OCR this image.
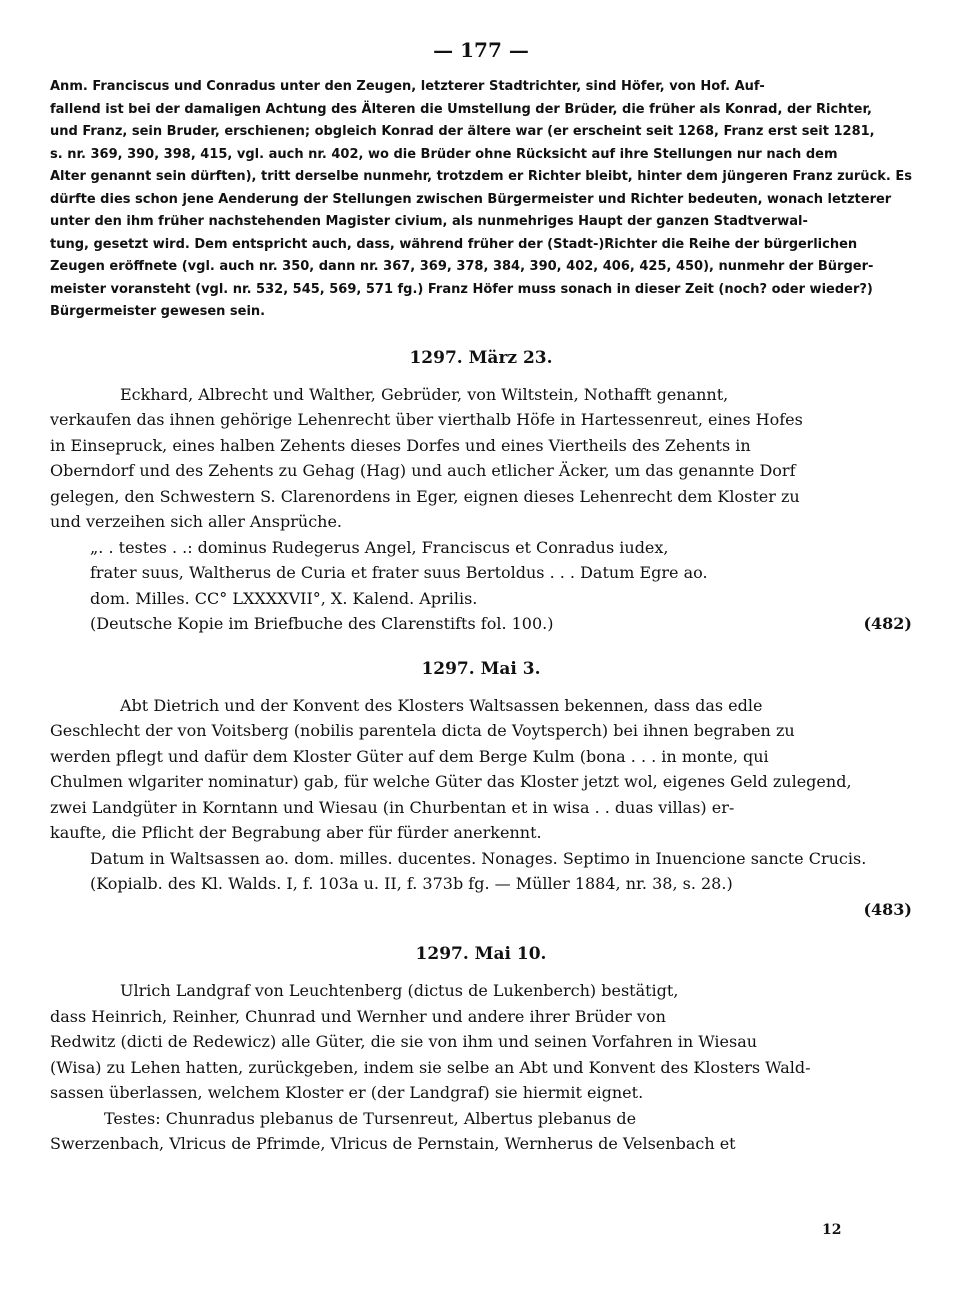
— 177 —
Anm. Franciscus und Conradus unter den Zeugen, letzterer Stadtrichter, sind Höfer, von Hof. Auf-
fallend ist bei der damaligen Achtung des Älteren die Umstellung der Brüder, die früher als Konrad, der Richter,
und Franz, sein Bruder, erschienen; obgleich Konrad der ältere war (er erscheint seit 1268, Franz erst seit 1281,
s. nr. 369, 390, 398, 415, vgl. auch nr. 402, wo die Brüder ohne Rücksicht auf ihre Stellungen nur nach dem
Alter genannt sein dürften), tritt derselbe nunmehr, trotzdem er Richter bleibt, hinter dem jüngeren Franz zurück. Es
dürfte dies schon jene Aenderung der Stellungen zwischen Bürgermeister und Richter bedeuten, wonach letzterer
unter den ihm früher nachstehenden Magister civium, als nunmehriges Haupt der ganzen Stadtverwal-
tung, gesetzt wird. Dem entspricht auch, dass, während früher der (Stadt-)Richter die Reihe der bürgerlichen
Zeugen eröffnete (vgl. auch nr. 350, dann nr. 367, 369, 378, 384, 390, 402, 406, 425, 450), nunmehr der Bürger-
meister voransteht (vgl. nr. 532, 545, 569, 571 fg.) Franz Höfer muss sonach in dieser Zeit (noch? oder wieder?)
Bürgermeister gewesen sein.
1297. März 23.
Eckhard, Albrecht und Walther, Gebrüder, von Wiltstein, Nothafft genannt,
verkaufen das ihnen gehörige Lehenrecht über vierthalb Höfe in Hartessenreut, eines Hofes
in Einsepruck, eines halben Zehents dieses Dorfes und eines Viertheils des Zehents in
Oberndorf und des Zehents zu Gehag (Hag) und auch etlicher Äcker, um das genannte Dorf
gelegen, den Schwestern S. Clarenordens in Eger, eignen dieses Lehenrecht dem Kloster zu
und verzeihen sich aller Ansprüche.
„. . testes . .: dominus Rudegerus Angel, Franciscus et Conradus iudex,
frater suus, Waltherus de Curia et frater suus Bertoldus . . . Datum Egre ao.
dom. Milles. CC° LXXXXVII°, X. Kalend. Aprilis.
(Deutsche Kopie im Briefbuche des Clarenstifts fol. 100.)	(482)
1297. Mai 3.
Abt Dietrich und der Konvent des Klosters Waltsassen bekennen, dass das edle
Geschlecht der von Voitsberg (nobilis parentela dicta de Voytsperch) bei ihnen begraben zu
werden pflegt und dafür dem Kloster Güter auf dem Berge Kulm (bona . . . in monte, qui
Chulmen wlgariter nominatur) gab, für welche Güter das Kloster jetzt wol, eigenes Geld zulegend,
zwei Landgüter in Korntann und Wiesau (in Churbentan et in wisa . . duas villas) er-
kaufte, die Pflicht der Begrabung aber für fürder anerkennt.
Datum in Waltsassen ao. dom. milles. ducentes. Nonages. Septimo in Inuencione sancte Crucis.
(Kopialb. des Kl. Walds. I, f. 103a u. II, f. 373b fg. — Müller 1884, nr. 38, s. 28.)
(483)
1297. Mai 10.
Ulrich Landgraf von Leuchtenberg (dictus de Lukenberch) bestätigt,
dass Heinrich, Reinher, Chunrad und Wernher und andere ihrer Brüder von
Redwitz (dicti de Redewicz) alle Güter, die sie von ihm und seinen Vorfahren in Wiesau
(Wisa) zu Lehen hatten, zurückgeben, indem sie selbe an Abt und Konvent des Klosters Wald-
sassen überlassen, welchem Kloster er (der Landgraf) sie hiermit eignet.
Testes: Chunradus plebanus de Tursenreut, Albertus plebanus de
Swerzenbach, Vlricus de Pfrimde, Vlricus de Pernstain, Wernherus de Velsenbach et
12
